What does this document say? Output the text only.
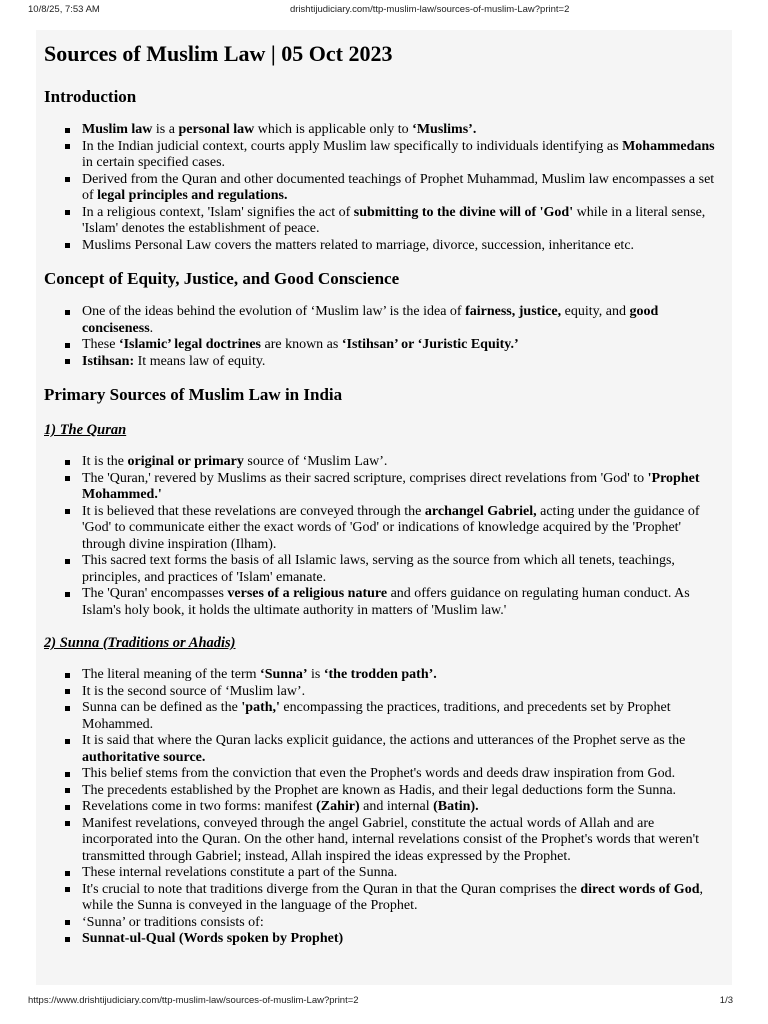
10/8/25, 7:53 AM	drishtijudiciary.com/ttp-muslim-law/sources-of-muslim-Law?print=2
Sources of Muslim Law | 05 Oct 2023
Introduction
Muslim law is a personal law which is applicable only to ‘Muslims’.
In the Indian judicial context, courts apply Muslim law specifically to individuals identifying as Mohammedans in certain specified cases.
Derived from the Quran and other documented teachings of Prophet Muhammad, Muslim law encompasses a set of legal principles and regulations.
In a religious context, 'Islam' signifies the act of submitting to the divine will of 'God' while in a literal sense, 'Islam' denotes the establishment of peace.
Muslims Personal Law covers the matters related to marriage, divorce, succession, inheritance etc.
Concept of Equity, Justice, and Good Conscience
One of the ideas behind the evolution of ‘Muslim law’ is the idea of fairness, justice, equity, and good conciseness.
These ‘Islamic’ legal doctrines are known as ‘Istihsan’ or ‘Juristic Equity.’
Istihsan: It means law of equity.
Primary Sources of Muslim Law in India
1) The Quran
It is the original or primary source of ‘Muslim Law’.
The 'Quran,' revered by Muslims as their sacred scripture, comprises direct revelations from 'God' to 'Prophet Mohammed.'
It is believed that these revelations are conveyed through the archangel Gabriel, acting under the guidance of 'God' to communicate either the exact words of 'God' or indications of knowledge acquired by the 'Prophet' through divine inspiration (Ilham).
This sacred text forms the basis of all Islamic laws, serving as the source from which all tenets, teachings, principles, and practices of 'Islam' emanate.
The 'Quran' encompasses verses of a religious nature and offers guidance on regulating human conduct. As Islam's holy book, it holds the ultimate authority in matters of 'Muslim law.'
2) Sunna (Traditions or Ahadis)
The literal meaning of the term ‘Sunna’ is ‘the trodden path’.
It is the second source of ‘Muslim law’.
Sunna can be defined as the 'path,' encompassing the practices, traditions, and precedents set by Prophet Mohammed.
It is said that where the Quran lacks explicit guidance, the actions and utterances of the Prophet serve as the authoritative source.
This belief stems from the conviction that even the Prophet's words and deeds draw inspiration from God.
The precedents established by the Prophet are known as Hadis, and their legal deductions form the Sunna.
Revelations come in two forms: manifest (Zahir) and internal (Batin).
Manifest revelations, conveyed through the angel Gabriel, constitute the actual words of Allah and are incorporated into the Quran. On the other hand, internal revelations consist of the Prophet's words that weren't transmitted through Gabriel; instead, Allah inspired the ideas expressed by the Prophet.
These internal revelations constitute a part of the Sunna.
It's crucial to note that traditions diverge from the Quran in that the Quran comprises the direct words of God, while the Sunna is conveyed in the language of the Prophet.
‘Sunna’ or traditions consists of:
Sunnat-ul-Qual (Words spoken by Prophet)
https://www.drishtijudiciary.com/ttp-muslim-law/sources-of-muslim-Law?print=2	1/3
